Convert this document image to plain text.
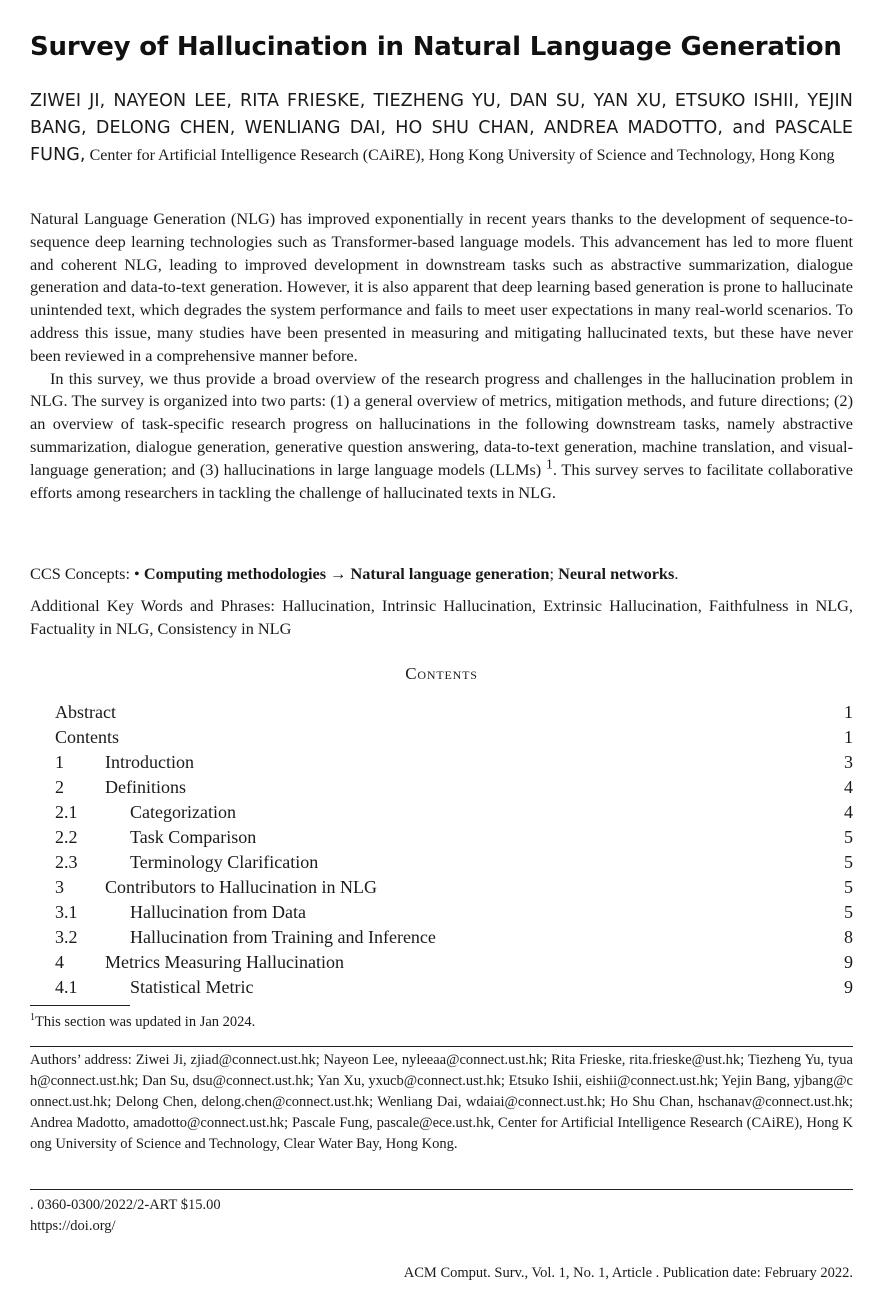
Survey of Hallucination in Natural Language Generation

ZIWEI JI, NAYEON LEE, RITA FRIESKE, TIEZHENG YU, DAN SU, YAN XU, ETSUKO ISHII, YEJIN BANG, DELONG CHEN, WENLIANG DAI, HO SHU CHAN, ANDREA MADOTTO, and PASCALE FUNG, Center for Artificial Intelligence Research (CAiRE), Hong Kong University of Science and Technology, Hong Kong

Natural Language Generation (NLG) has improved exponentially in recent years thanks to the development of sequence-to-sequence deep learning technologies such as Transformer-based language models. This advancement has led to more fluent and coherent NLG, leading to improved development in downstream tasks such as abstractive summarization, dialogue generation and data-to-text generation. However, it is also apparent that deep learning based generation is prone to hallucinate unintended text, which degrades the system performance and fails to meet user expectations in many real-world scenarios. To address this issue, many studies have been presented in measuring and mitigating hallucinated texts, but these have never been reviewed in a comprehensive manner before.

In this survey, we thus provide a broad overview of the research progress and challenges in the hallucination problem in NLG. The survey is organized into two parts: (1) a general overview of metrics, mitigation methods, and future directions; (2) an overview of task-specific research progress on hallucinations in the following downstream tasks, namely abstractive summarization, dialogue generation, generative question answering, data-to-text generation, machine translation, and visual-language generation; and (3) hallucinations in large language models (LLMs) $^1$. This survey serves to facilitate collaborative efforts among researchers in tackling the challenge of hallucinated texts in NLG.

CCS Concepts: • Computing methodologies → Natural language generation; Neural networks.
Additional Key Words and Phrases: Hallucination, Intrinsic Hallucination, Extrinsic Hallucination, Faithfulness in NLG, Factuality in NLG, Consistency in NLG
Contents
Abstract	1
Contents	1
1 Introduction	3
2 Definitions	4
2.1	Categorization	4
2.2	Task Comparison	5
2.3	Terminology Clarification	5
3 Contributors to Hallucination in NLG	5
3.1	Hallucination from Data	5
3.2	Hallucination from Training and Inference	8
4 Metrics Measuring Hallucination	9
4.1	Statistical Metric	9
$^1$This section was updated in Jan 2024.
Authors’ address: Ziwei Ji, zjiad@connect.ust.hk; Nayeon Lee, nyleeaa@connect.ust.hk; Rita Frieske, rita.frieske@ust.hk; Tiezheng Yu, tyuah@connect.ust.hk; Dan Su, dsu@connect.ust.hk; Yan Xu, yxucb@connect.ust.hk; Etsuko Ishii, eishii@connect.ust.hk; Yejin Bang, yjbang@connect.ust.hk; Delong Chen, delong.chen@connect.ust.hk; Wenliang Dai, wdaiai@connect.ust.hk; Ho Shu Chan, hschanav@connect.ust.hk; Andrea Madotto, amadotto@connect.ust.hk; Pascale Fung, pascale@ece.ust.hk, Center for Artificial Intelligence Research (CAiRE), Hong Kong University of Science and Technology, Clear Water Bay, Hong Kong.
. 0360-0300/2022/2-ART $15.00
https://doi.org/
ACM Comput. Surv., Vol. 1, No. 1, Article . Publication date: February 2022.
